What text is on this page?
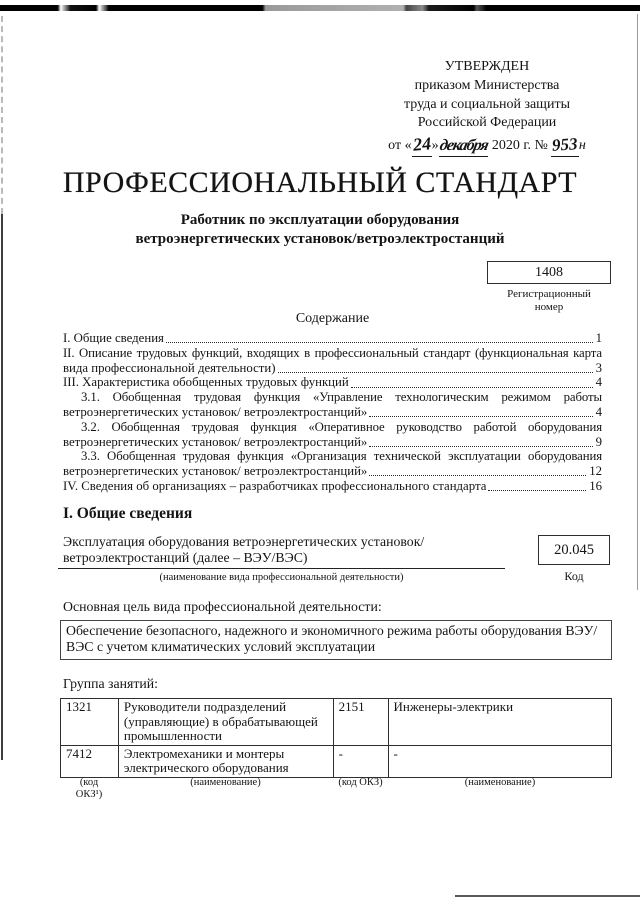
УТВЕРЖДЕН
приказом Министерства
труда и социальной защиты
Российской Федерации
от «24»декабря 2020 г. № 953н
ПРОФЕССИОНАЛЬНЫЙ СТАНДАРТ
Работник по эксплуатации оборудования
ветроэнергетических установок/ветроэлектростанций
1408
Регистрационный
номер
Содержание
I. Общие сведения	1
II. Описание трудовых функций, входящих в профессиональный стандарт (функциональная карта
вида профессиональной деятельности)	3
III. Характеристика обобщенных трудовых функций	4
3.1. Обобщенная трудовая функция «Управление технологическим режимом работы
ветроэнергетических установок/ ветроэлектростанций»	4
3.2. Обобщенная трудовая функция «Оперативное руководство работой оборудования
ветроэнергетических установок/ ветроэлектростанций»	9
3.3. Обобщенная трудовая функция «Организация технической эксплуатации оборудования
ветроэнергетических установок/ ветроэлектростанций»	12
IV. Сведения об организациях – разработчиках профессионального стандарта	16
I. Общие сведения
Эксплуатация оборудования ветроэнергетических установок/
ветроэлектростанций (далее – ВЭУ/ВЭС)
(наименование вида профессиональной деятельности)
20.045
Код
Основная цель вида профессиональной деятельности:
Обеспечение безопасного, надежного и экономичного режима работы оборудования ВЭУ/ВЭС с учетом климатических условий эксплуатации
Группа занятий:
1321	Руководители подразделений (управляющие) в обрабатывающей промышленности	2151	Инженеры-электрики
7412	Электромеханики и монтеры электрического оборудования	-	-
(код
ОКЗ¹)
(наименование)	(код ОКЗ)	(наименование)
